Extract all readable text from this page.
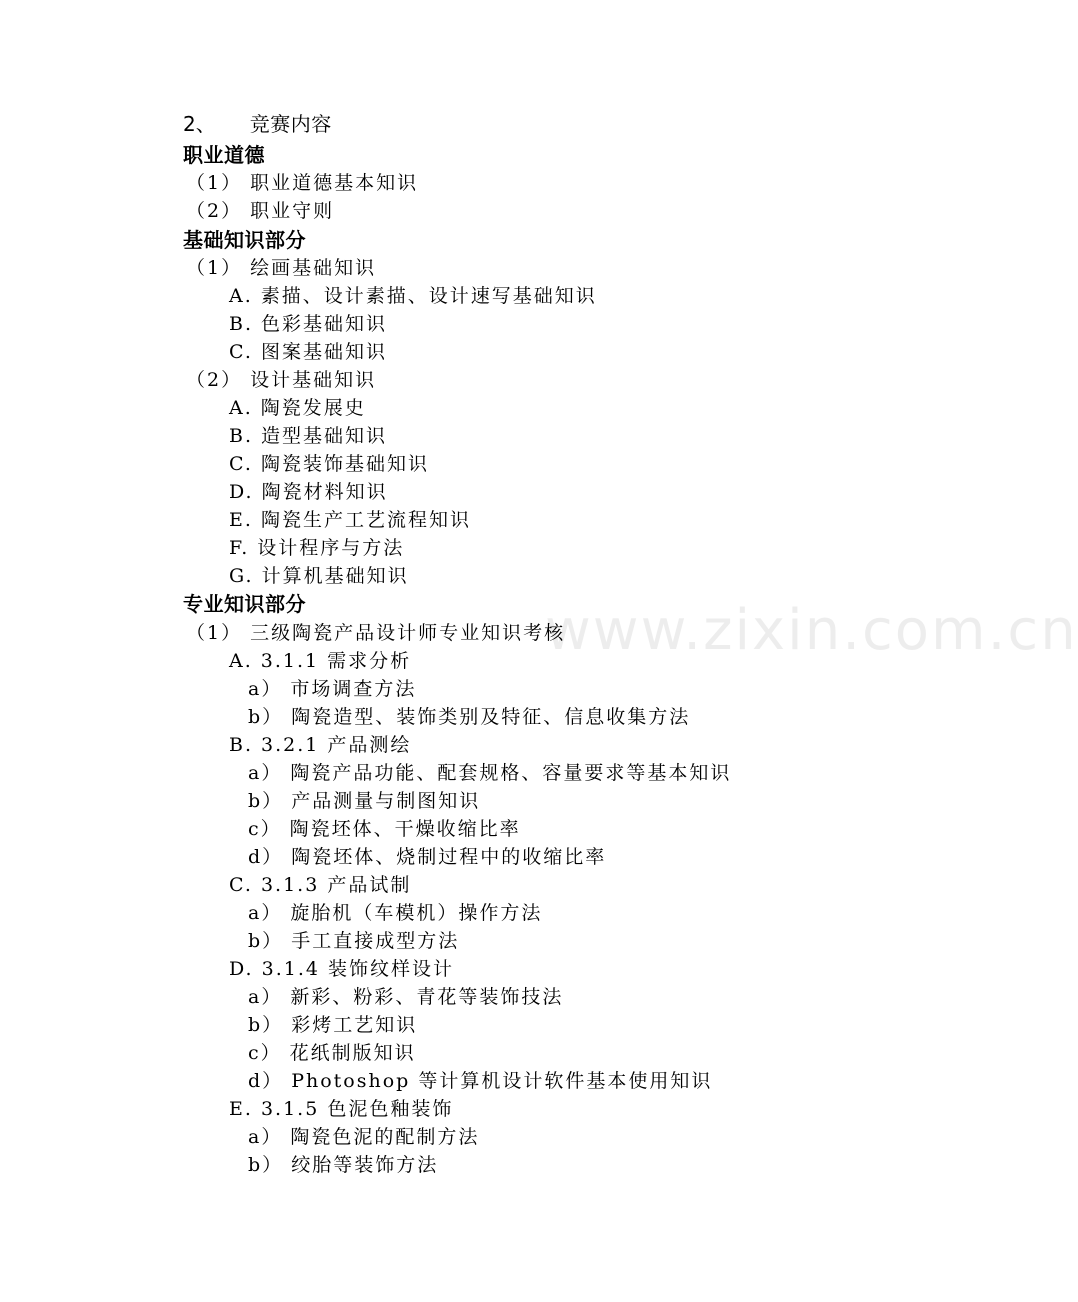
2、 竞赛内容
职业道德
（1） 职业道德基本知识
（2） 职业守则
基础知识部分
（1） 绘画基础知识
A. 素描、设计素描、设计速写基础知识
B. 色彩基础知识
C. 图案基础知识
（2） 设计基础知识
A. 陶瓷发展史
B. 造型基础知识
C. 陶瓷装饰基础知识
D. 陶瓷材料知识
E. 陶瓷生产工艺流程知识
F. 设计程序与方法
G. 计算机基础知识
专业知识部分
（1） 三级陶瓷产品设计师专业知识考核
A. 3.1.1 需求分析
a） 市场调查方法
b） 陶瓷造型、装饰类别及特征、信息收集方法
B. 3.2.1 产品测绘
a） 陶瓷产品功能、配套规格、容量要求等基本知识
b） 产品测量与制图知识
c） 陶瓷坯体、干燥收缩比率
d） 陶瓷坯体、烧制过程中的收缩比率
C. 3.1.3 产品试制
a） 旋胎机（车模机）操作方法
b） 手工直接成型方法
D. 3.1.4 装饰纹样设计
a） 新彩、粉彩、青花等装饰技法
b） 彩烤工艺知识
c） 花纸制版知识
d） Photoshop 等计算机设计软件基本使用知识
E. 3.1.5 色泥色釉装饰
a） 陶瓷色泥的配制方法
b） 绞胎等装饰方法
www.zixin.com.cn
